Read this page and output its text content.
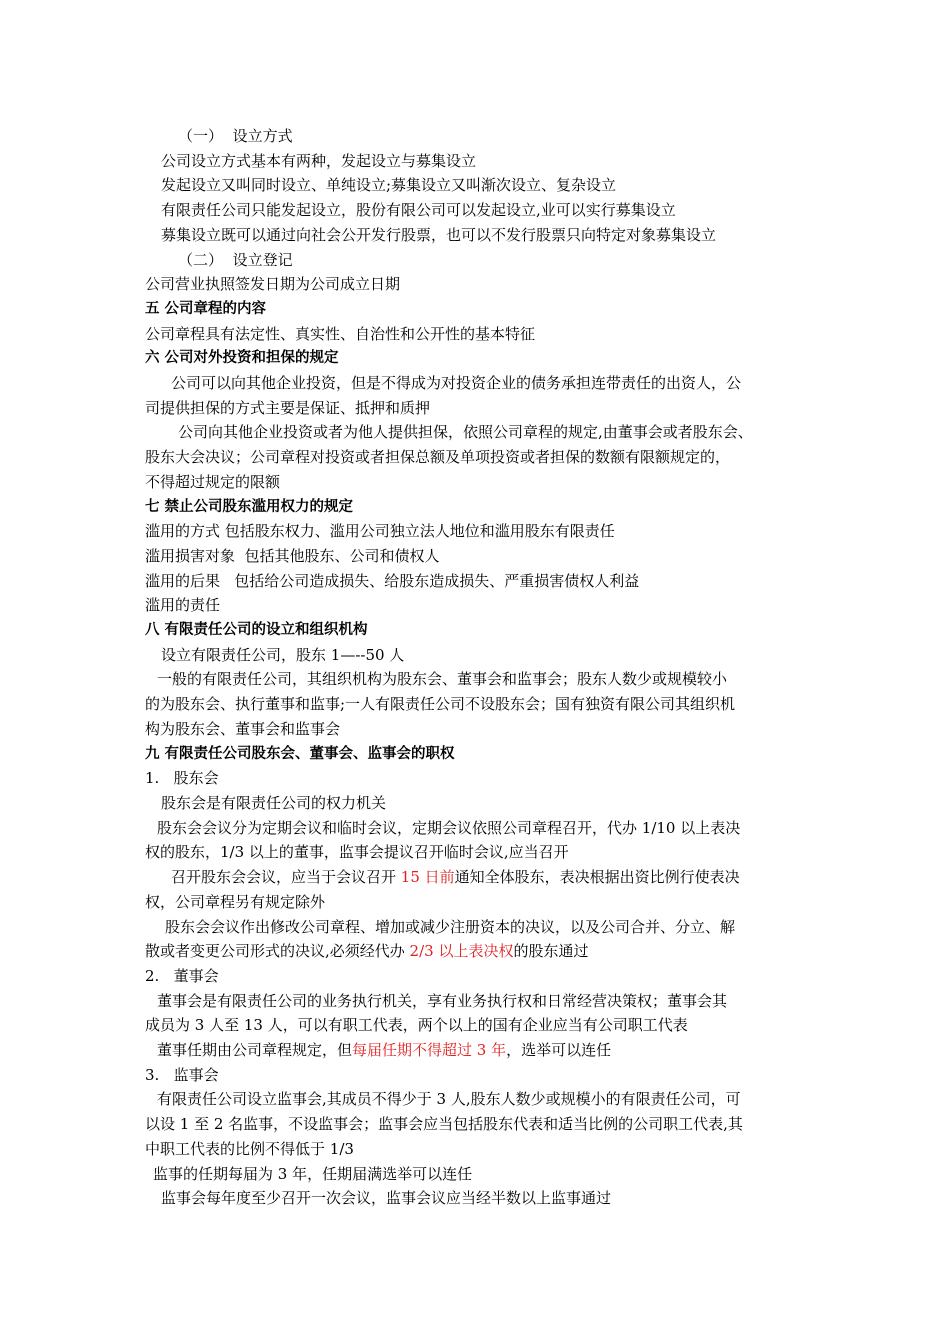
（一） 设立方式
公司设立方式基本有两种，发起设立与募集设立
发起设立又叫同时设立、单纯设立;募集设立又叫渐次设立、复杂设立
有限责任公司只能发起设立，股份有限公司可以发起设立,业可以实行募集设立
募集设立既可以通过向社会公开发行股票，也可以不发行股票只向特定对象募集设立
（二） 设立登记
公司营业执照签发日期为公司成立日期
五 公司章程的内容
公司章程具有法定性、真实性、自治性和公开性的基本特征
六 公司对外投资和担保的规定
公司可以向其他企业投资，但是不得成为对投资企业的债务承担连带责任的出资人，公
司提供担保的方式主要是保证、抵押和质押
公司向其他企业投资或者为他人提供担保，依照公司章程的规定,由董事会或者股东会、
股东大会决议；公司章程对投资或者担保总额及单项投资或者担保的数额有限额规定的，
不得超过规定的限额
七 禁止公司股东滥用权力的规定
滥用的方式 包括股东权力、滥用公司独立法人地位和滥用股东有限责任
滥用损害对象  包括其他股东、公司和债权人
滥用的后果   包括给公司造成损失、给股东造成损失、严重损害债权人利益
滥用的责任
八 有限责任公司的设立和组织机构
设立有限责任公司，股东 1—--50 人
一般的有限责任公司，其组织机构为股东会、董事会和监事会；股东人数少或规模较小
的为股东会、执行董事和监事;一人有限责任公司不设股东会；国有独资有限公司其组织机
构为股东会、董事会和监事会
九 有限责任公司股东会、董事会、监事会的职权
1. 股东会
股东会是有限责任公司的权力机关
股东会会议分为定期会议和临时会议，定期会议依照公司章程召开，代办 1/10 以上表决
权的股东，1/3 以上的董事，监事会提议召开临时会议,应当召开
召开股东会会议，应当于会议召开 15 日前通知全体股东，表决根据出资比例行使表决
权，公司章程另有规定除外
股东会会议作出修改公司章程、增加或减少注册资本的决议，以及公司合并、分立、解
散或者变更公司形式的决议,必须经代办 2/3 以上表决权的股东通过
2. 董事会
董事会是有限责任公司的业务执行机关，享有业务执行权和日常经营决策权；董事会其
成员为 3 人至 13 人，可以有职工代表，两个以上的国有企业应当有公司职工代表
董事任期由公司章程规定，但每届任期不得超过 3 年，选举可以连任
3. 监事会
有限责任公司设立监事会,其成员不得少于 3 人,股东人数少或规模小的有限责任公司，可
以设 1 至 2 名监事，不设监事会；监事会应当包括股东代表和适当比例的公司职工代表,其
中职工代表的比例不得低于 1/3
监事的任期每届为 3 年，任期届满选举可以连任
监事会每年度至少召开一次会议，监事会议应当经半数以上监事通过
